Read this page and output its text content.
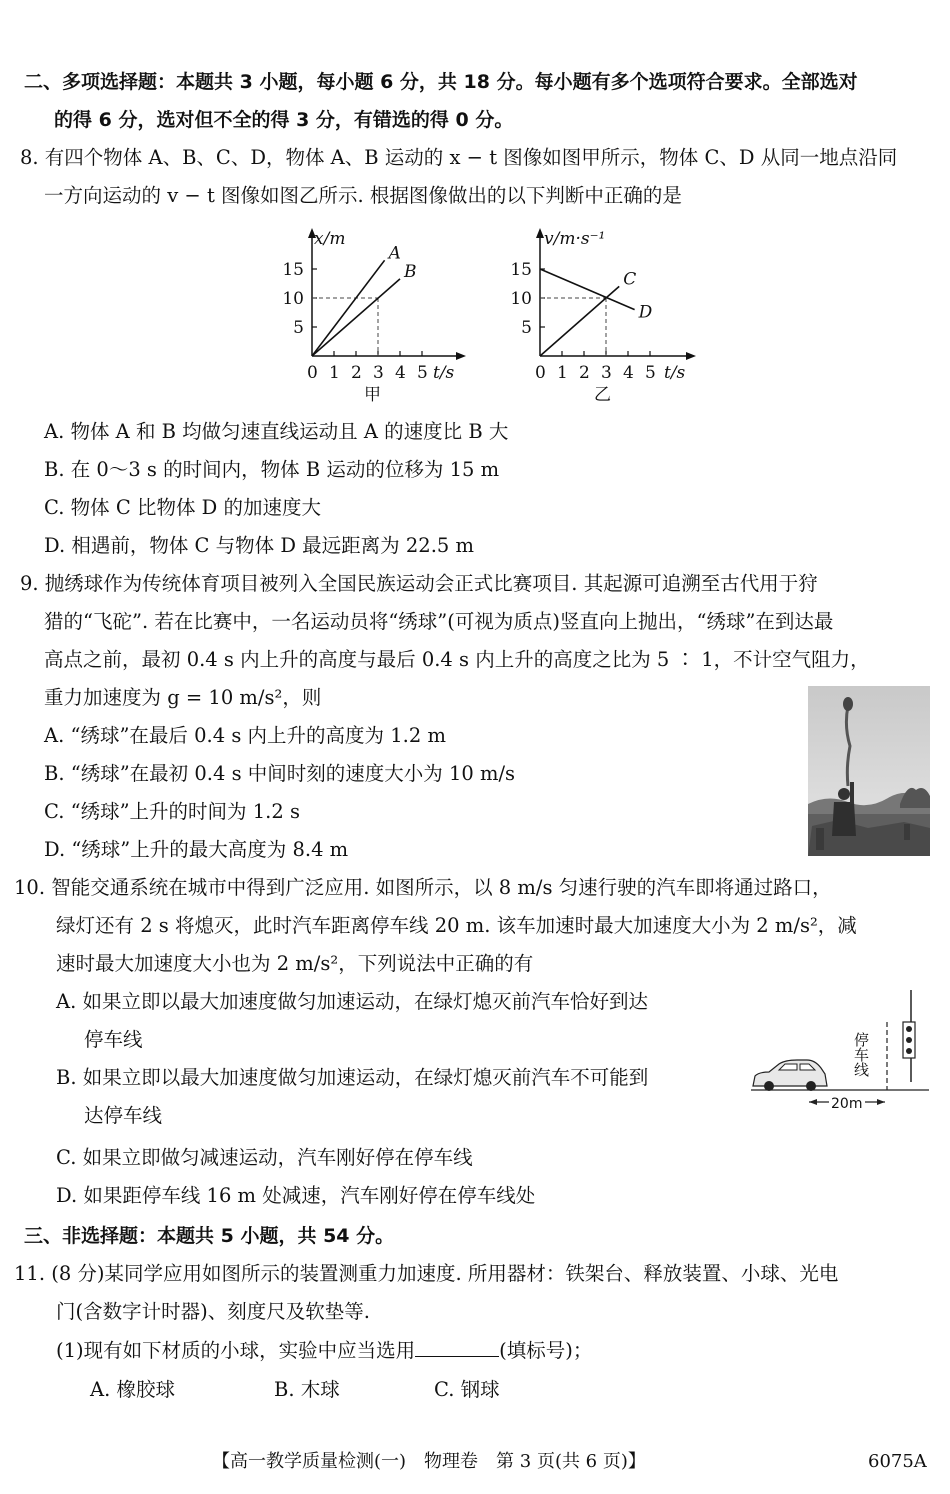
二、多项选择题：本题共 3 小题，每小题 6 分，共 18 分。每小题有多个选项符合要求。全部选对
的得 6 分，选对但不全的得 3 分，有错选的得 0 分。
8. 有四个物体 A、B、C、D，物体 A、B 运动的 x − t 图像如图甲所示，物体 C、D 从同一地点沿同
一方向运动的 v − t 图像如图乙所示. 根据图像做出的以下判断中正确的是
x/m
t/s
甲
0 1 2 3 4 5
5
10
15
A
B
v/m·s⁻¹
t/s
乙
0 1 2 3 4 5
5
10
15	C
D
A. 物体 A 和 B 均做匀速直线运动且 A 的速度比 B 大
B. 在 0～3 s 的时间内，物体 B 运动的位移为 15 m
C. 物体 C 比物体 D 的加速度大
D. 相遇前，物体 C 与物体 D 最远距离为 22.5 m
9. 抛绣球作为传统体育项目被列入全国民族运动会正式比赛项目. 其起源可追溯至古代用于狩
猎的“飞砣”. 若在比赛中，一名运动员将“绣球”(可视为质点)竖直向上抛出，“绣球”在到达最
高点之前，最初 0.4 s 内上升的高度与最后 0.4 s 内上升的高度之比为 5 ∶ 1，不计空气阻力，
重力加速度为 g = 10 m/s²，则
A. “绣球”在最后 0.4 s 内上升的高度为 1.2 m
B. “绣球”在最初 0.4 s 中间时刻的速度大小为 10 m/s
C. “绣球”上升的时间为 1.2 s
D. “绣球”上升的最大高度为 8.4 m
10. 智能交通系统在城市中得到广泛应用. 如图所示，以 8 m/s 匀速行驶的汽车即将通过路口，
绿灯还有 2 s 将熄灭，此时汽车距离停车线 20 m. 该车加速时最大加速度大小为 2 m/s²，减
速时最大加速度大小也为 2 m/s²，下列说法中正确的有
A. 如果立即以最大加速度做匀加速运动，在绿灯熄灭前汽车恰好到达
停车线
B. 如果立即以最大加速度做匀加速运动，在绿灯熄灭前汽车不可能到
达停车线
C. 如果立即做匀减速运动，汽车刚好停在停车线
D. 如果距停车线 16 m 处减速，汽车刚好停在停车线处
停车线
20m
三、非选择题：本题共 5 小题，共 54 分。
11. (8 分)某同学应用如图所示的装置测重力加速度. 所用器材：铁架台、释放装置、小球、光电
门(含数字计时器)、刻度尺及软垫等.
(1)现有如下材质的小球，实验中应当选用	(填标号)；
A. 橡胶球	B. 木球	C. 钢球
【高一教学质量检测(一)　物理卷　第 3 页(共 6 页)】	6075A
